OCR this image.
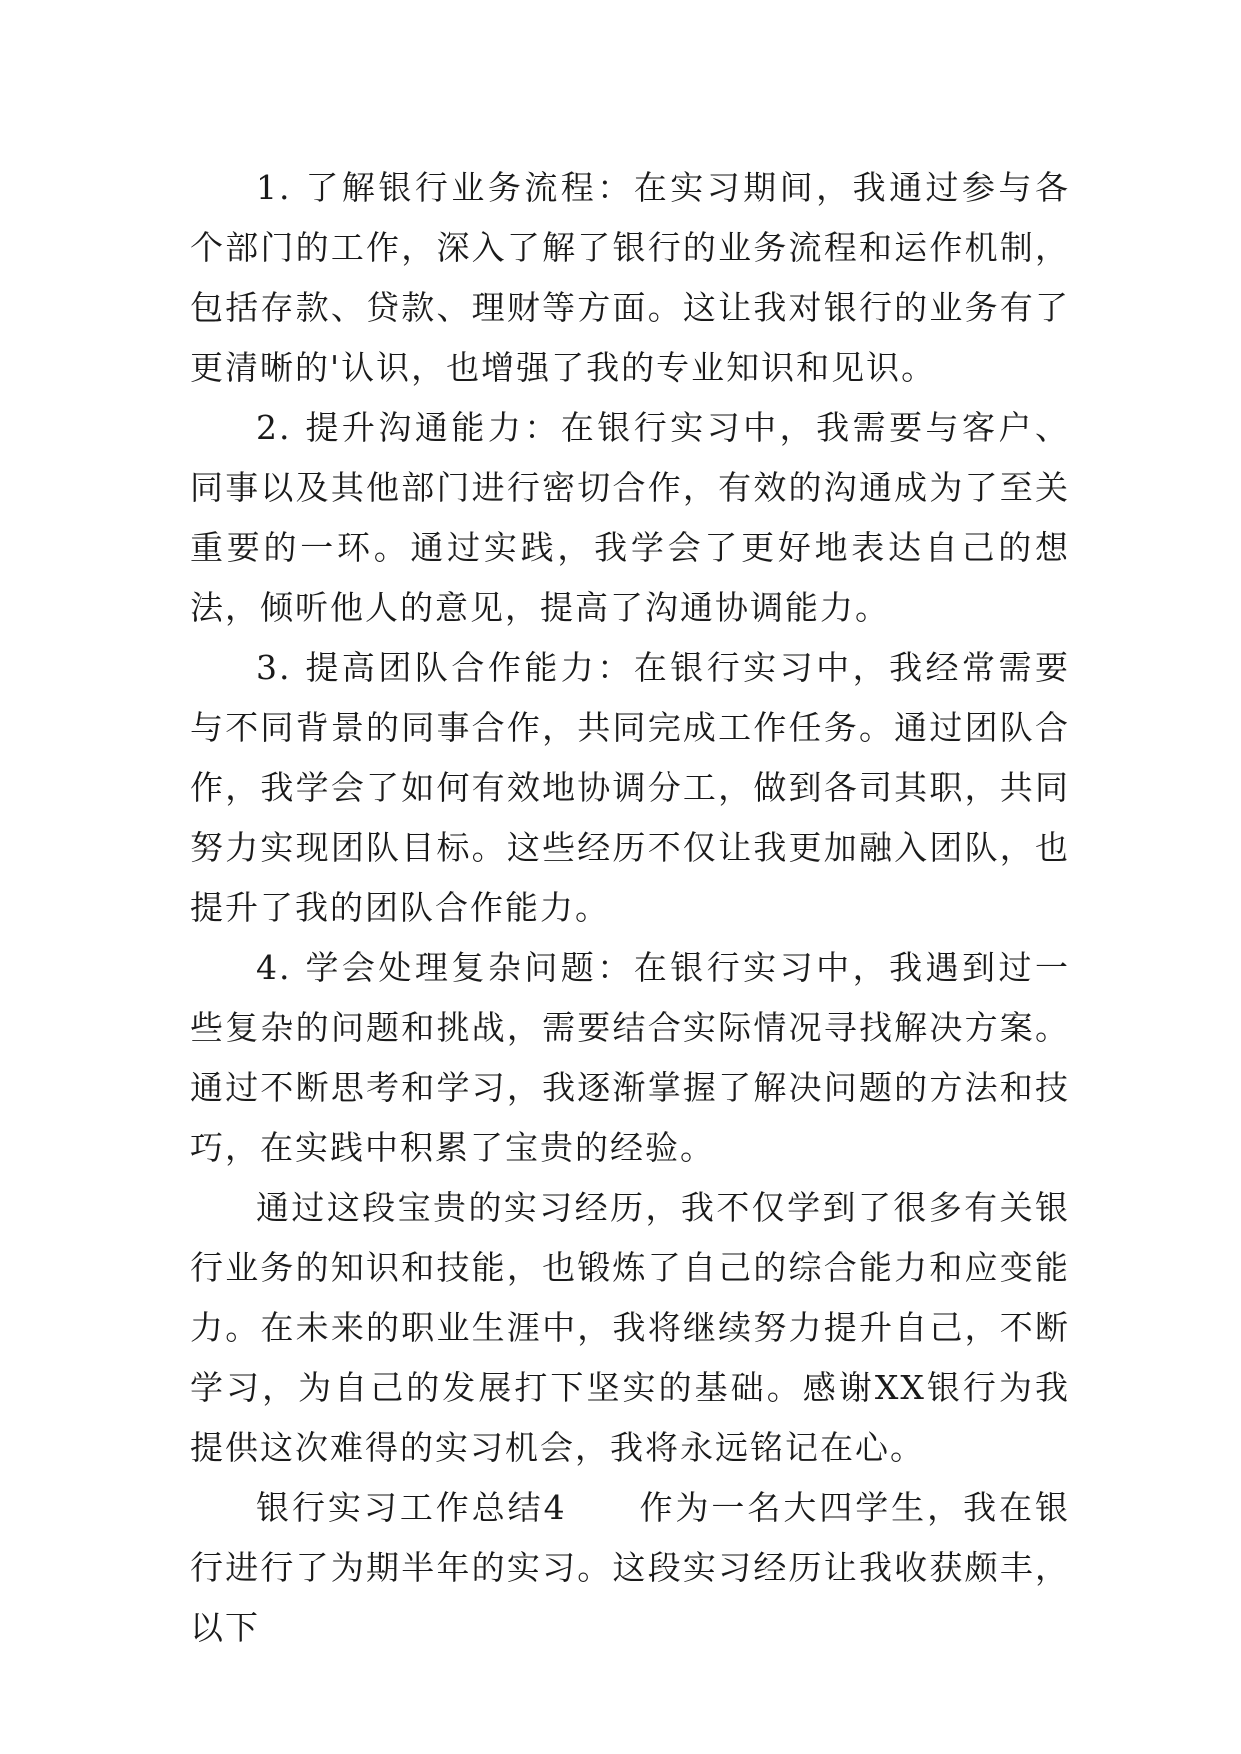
1. 了解银行业务流程：在实习期间，我通过参与各个部门的工作，深入了解了银行的业务流程和运作机制，包括存款、贷款、理财等方面。这让我对银行的业务有了更清晰的'认识，也增强了我的专业知识和见识。

2. 提升沟通能力：在银行实习中，我需要与客户、同事以及其他部门进行密切合作，有效的沟通成为了至关重要的一环。通过实践，我学会了更好地表达自己的想法，倾听他人的意见，提高了沟通协调能力。

3. 提高团队合作能力：在银行实习中，我经常需要与不同背景的同事合作，共同完成工作任务。通过团队合作，我学会了如何有效地协调分工，做到各司其职，共同努力实现团队目标。这些经历不仅让我更加融入团队，也提升了我的团队合作能力。

4. 学会处理复杂问题：在银行实习中，我遇到过一些复杂的问题和挑战，需要结合实际情况寻找解决方案。通过不断思考和学习，我逐渐掌握了解决问题的方法和技巧，在实践中积累了宝贵的经验。

通过这段宝贵的实习经历，我不仅学到了很多有关银行业务的知识和技能，也锻炼了自己的综合能力和应变能力。在未来的职业生涯中，我将继续努力提升自己，不断学习，为自己的发展打下坚实的基础。感谢XX银行为我提供这次难得的实习机会，我将永远铭记在心。

银行实习工作总结4　　作为一名大四学生，我在银行进行了为期半年的实习。这段实习经历让我收获颇丰，以下
